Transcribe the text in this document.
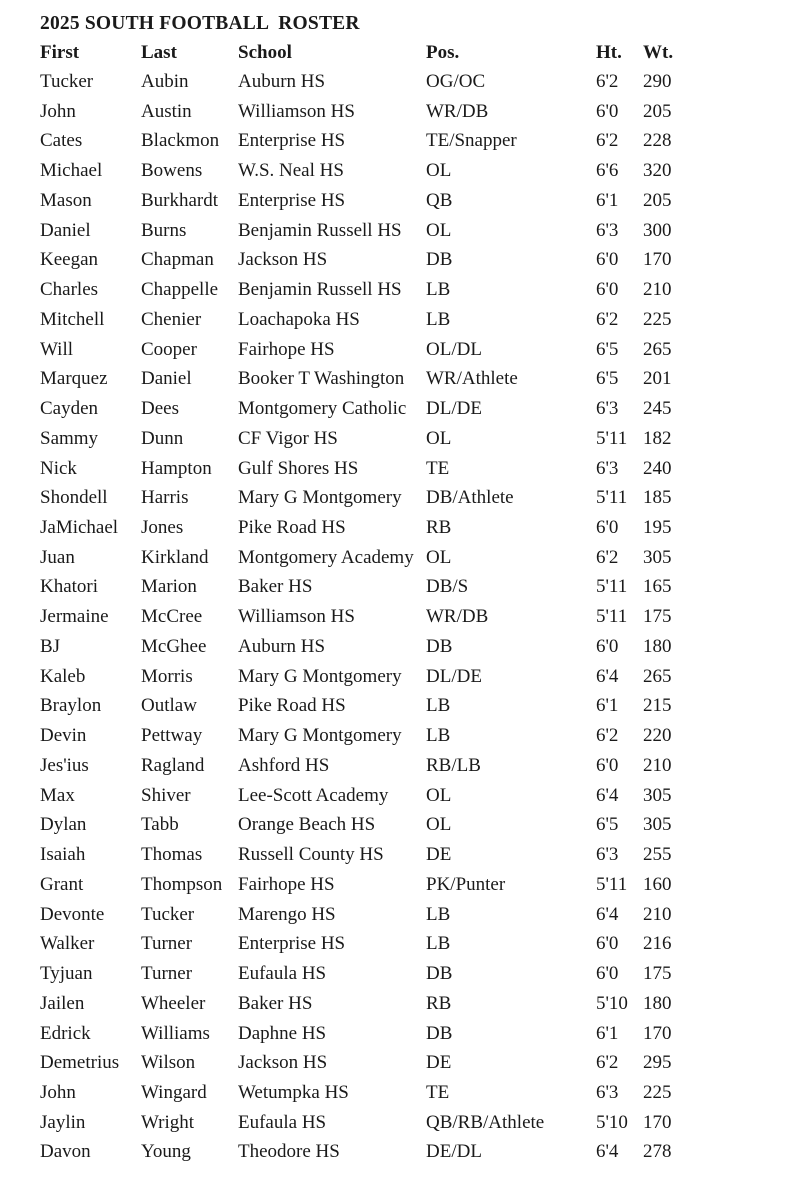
2025 SOUTH FOOTBALL  ROSTER
First	Last	School	Pos.	Ht.	Wt.
Tucker	Aubin	Auburn HS	OG/OC	6'2	290
John	Austin	Williamson HS	WR/DB	6'0	205
Cates	Blackmon	Enterprise HS	TE/Snapper	6'2	228
Michael	Bowens	W.S. Neal HS	OL	6'6	320
Mason	Burkhardt	Enterprise HS	QB	6'1	205
Daniel	Burns	Benjamin Russell HS	OL	6'3	300
Keegan	Chapman	Jackson HS	DB	6'0	170
Charles	Chappelle	Benjamin Russell HS	LB	6'0	210
Mitchell	Chenier	Loachapoka HS	LB	6'2	225
Will	Cooper	Fairhope HS	OL/DL	6'5	265
Marquez	Daniel	Booker T Washington	WR/Athlete	6'5	201
Cayden	Dees	Montgomery Catholic	DL/DE	6'3	245
Sammy	Dunn	CF Vigor HS	OL	5'11	182
Nick	Hampton	Gulf Shores HS	TE	6'3	240
Shondell	Harris	Mary G Montgomery	DB/Athlete	5'11	185
JaMichael	Jones	Pike Road HS	RB	6'0	195
Juan	Kirkland	Montgomery Academy	OL	6'2	305
Khatori	Marion	Baker HS	DB/S	5'11	165
Jermaine	McCree	Williamson HS	WR/DB	5'11	175
BJ	McGhee	Auburn HS	DB	6'0	180
Kaleb	Morris	Mary G Montgomery	DL/DE	6'4	265
Braylon	Outlaw	Pike Road HS	LB	6'1	215
Devin	Pettway	Mary G Montgomery	LB	6'2	220
Jes'ius	Ragland	Ashford HS	RB/LB	6'0	210
Max	Shiver	Lee-Scott Academy	OL	6'4	305
Dylan	Tabb	Orange Beach HS	OL	6'5	305
Isaiah	Thomas	Russell County HS	DE	6'3	255
Grant	Thompson	Fairhope HS	PK/Punter	5'11	160
Devonte	Tucker	Marengo HS	LB	6'4	210
Walker	Turner	Enterprise HS	LB	6'0	216
Tyjuan	Turner	Eufaula HS	DB	6'0	175
Jailen	Wheeler	Baker HS	RB	5'10	180
Edrick	Williams	Daphne HS	DB	6'1	170
Demetrius	Wilson	Jackson HS	DE	6'2	295
John	Wingard	Wetumpka HS	TE	6'3	225
Jaylin	Wright	Eufaula HS	QB/RB/Athlete	5'10	170
Davon	Young	Theodore HS	DE/DL	6'4	278
